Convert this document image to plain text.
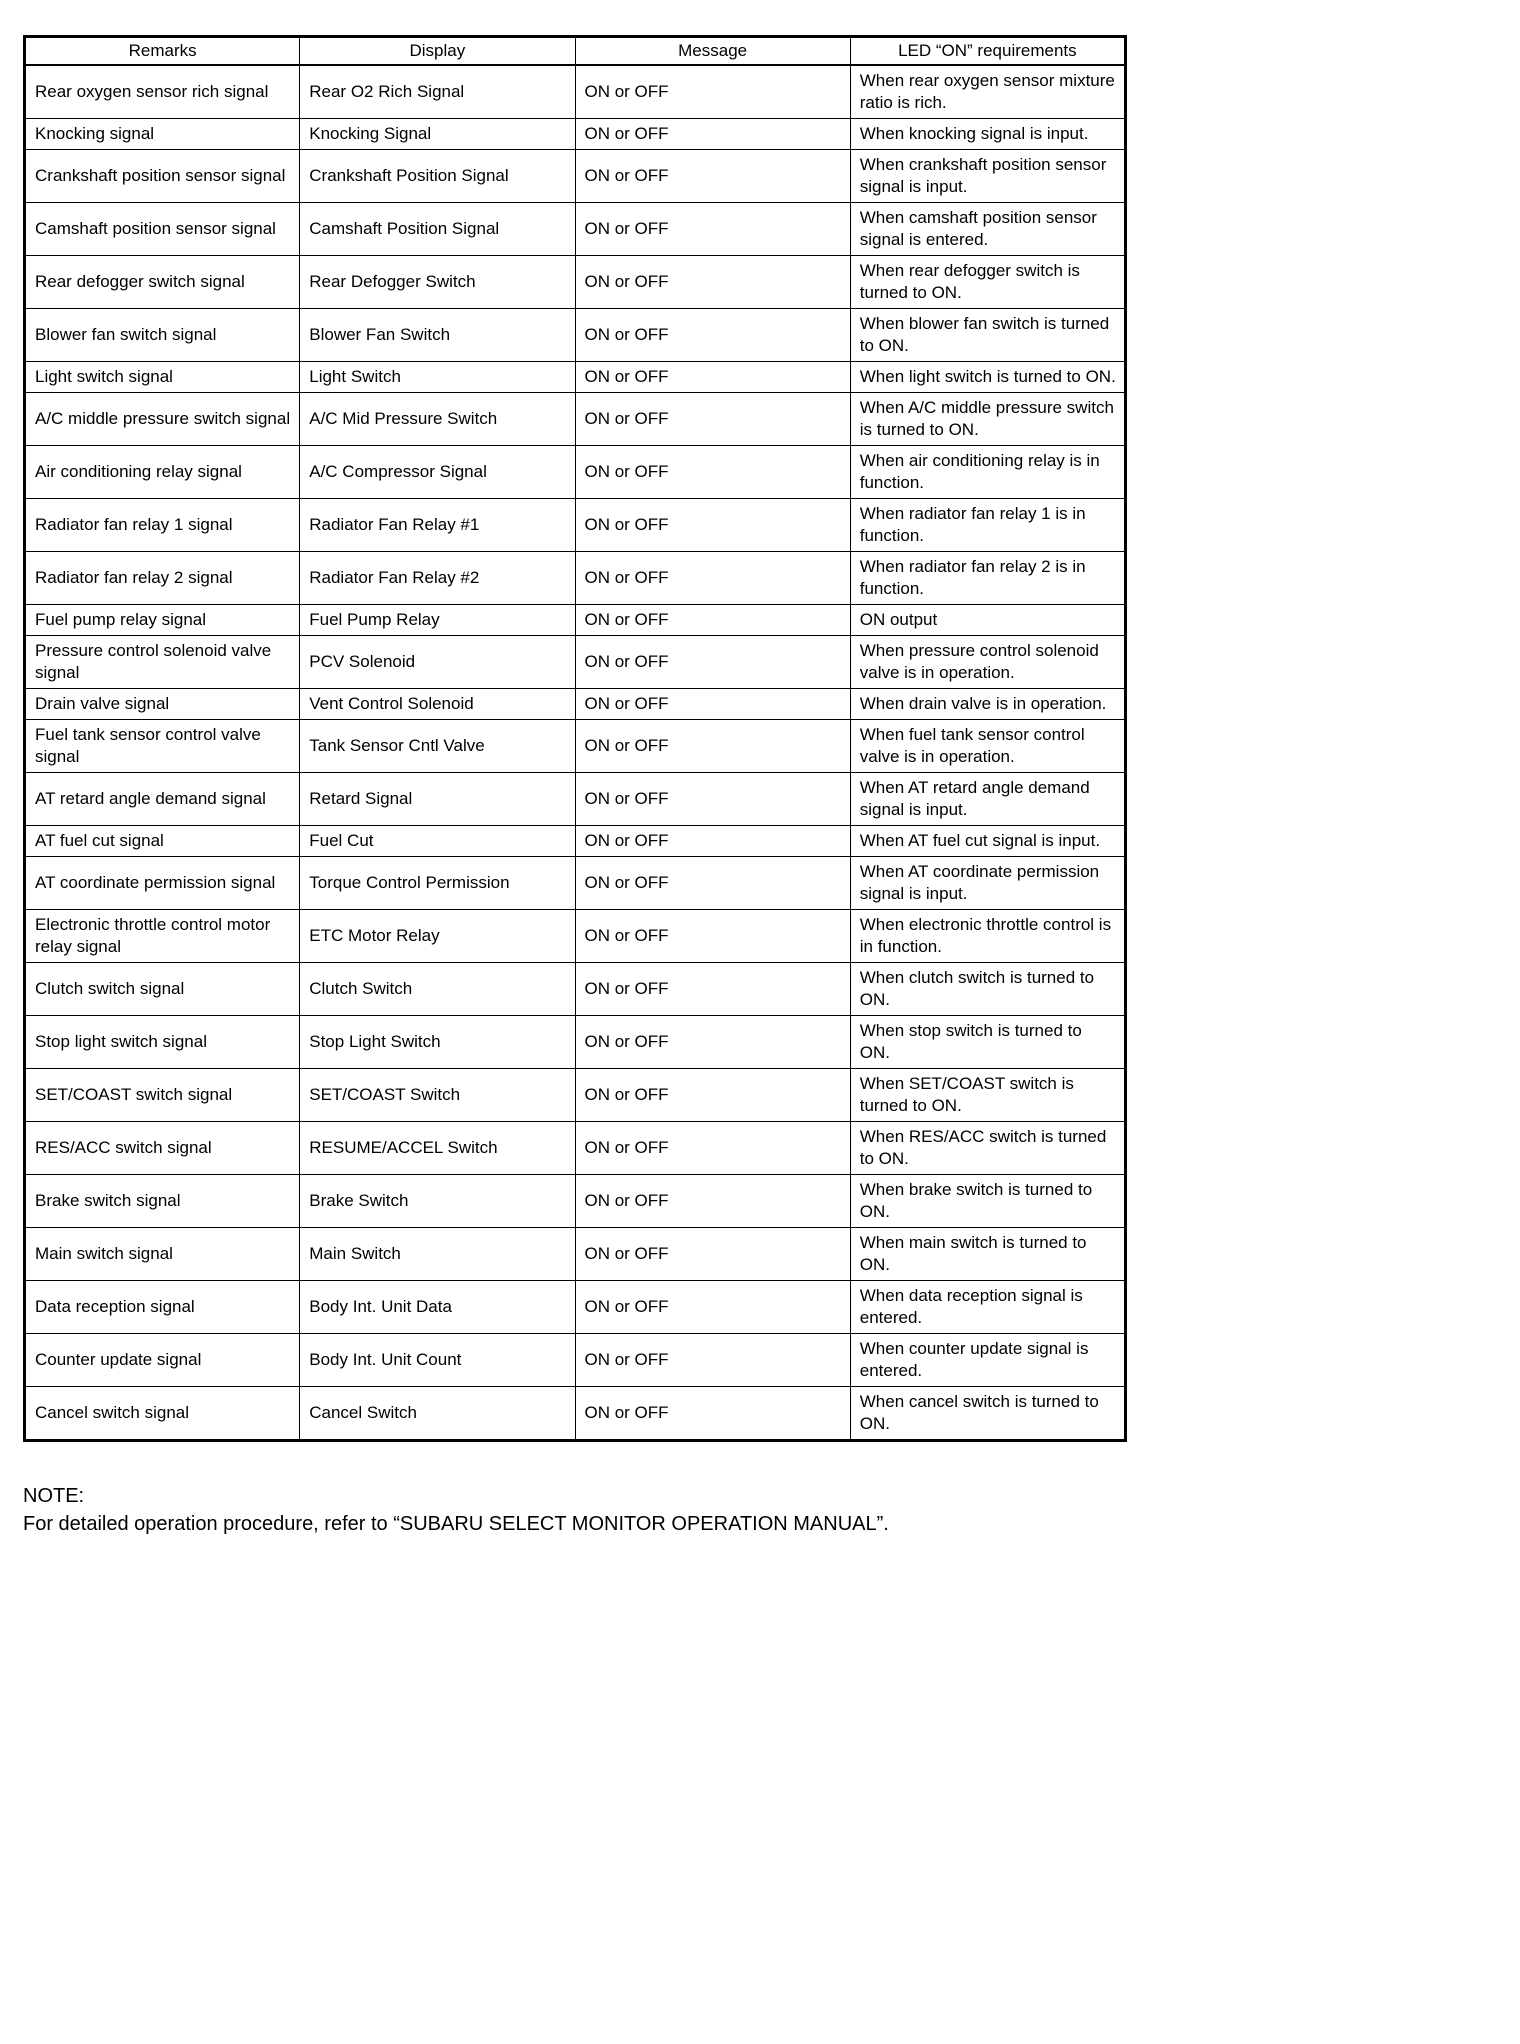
Remarks	Display	Message	LED “ON” requirements
Rear oxygen sensor rich signal	Rear O2 Rich Signal	ON or OFF	When rear oxygen sensor mixture ratio is rich.
Knocking signal	Knocking Signal	ON or OFF	When knocking signal is input.
Crankshaft position sensor signal	Crankshaft Position Signal	ON or OFF	When crankshaft position sensor signal is input.
Camshaft position sensor signal	Camshaft Position Signal	ON or OFF	When camshaft position sensor signal is entered.
Rear defogger switch signal	Rear Defogger Switch	ON or OFF	When rear defogger switch is turned to ON.
Blower fan switch signal	Blower Fan Switch	ON or OFF	When blower fan switch is turned to ON.
Light switch signal	Light Switch	ON or OFF	When light switch is turned to ON.
A/C middle pressure switch signal	A/C Mid Pressure Switch	ON or OFF	When A/C middle pressure switch is turned to ON.
Air conditioning relay signal	A/C Compressor Signal	ON or OFF	When air conditioning relay is in function.
Radiator fan relay 1 signal	Radiator Fan Relay #1	ON or OFF	When radiator fan relay 1 is in function.
Radiator fan relay 2 signal	Radiator Fan Relay #2	ON or OFF	When radiator fan relay 2 is in function.
Fuel pump relay signal	Fuel Pump Relay	ON or OFF	ON output
Pressure control solenoid valve signal	PCV Solenoid	ON or OFF	When pressure control solenoid valve is in operation.
Drain valve signal	Vent Control Solenoid	ON or OFF	When drain valve is in operation.
Fuel tank sensor control valve signal	Tank Sensor Cntl Valve	ON or OFF	When fuel tank sensor control valve is in operation.
AT retard angle demand signal	Retard Signal	ON or OFF	When AT retard angle demand signal is input.
AT fuel cut signal	Fuel Cut	ON or OFF	When AT fuel cut signal is input.
AT coordinate permission signal	Torque Control Permission	ON or OFF	When AT coordinate permission signal is input.
Electronic throttle control motor relay signal	ETC Motor Relay	ON or OFF	When electronic throttle control is in function.
Clutch switch signal	Clutch Switch	ON or OFF	When clutch switch is turned to ON.
Stop light switch signal	Stop Light Switch	ON or OFF	When stop switch is turned to ON.
SET/COAST switch signal	SET/COAST Switch	ON or OFF	When SET/COAST switch is turned to ON.
RES/ACC switch signal	RESUME/ACCEL Switch	ON or OFF	When RES/ACC switch is turned to ON.
Brake switch signal	Brake Switch	ON or OFF	When brake switch is turned to ON.
Main switch signal	Main Switch	ON or OFF	When main switch is turned to ON.
Data reception signal	Body Int. Unit Data	ON or OFF	When data reception signal is entered.
Counter update signal	Body Int. Unit Count	ON or OFF	When counter update signal is entered.
Cancel switch signal	Cancel Switch	ON or OFF	When cancel switch is turned to ON.
NOTE:
For detailed operation procedure, refer to “SUBARU SELECT MONITOR OPERATION MANUAL”.
